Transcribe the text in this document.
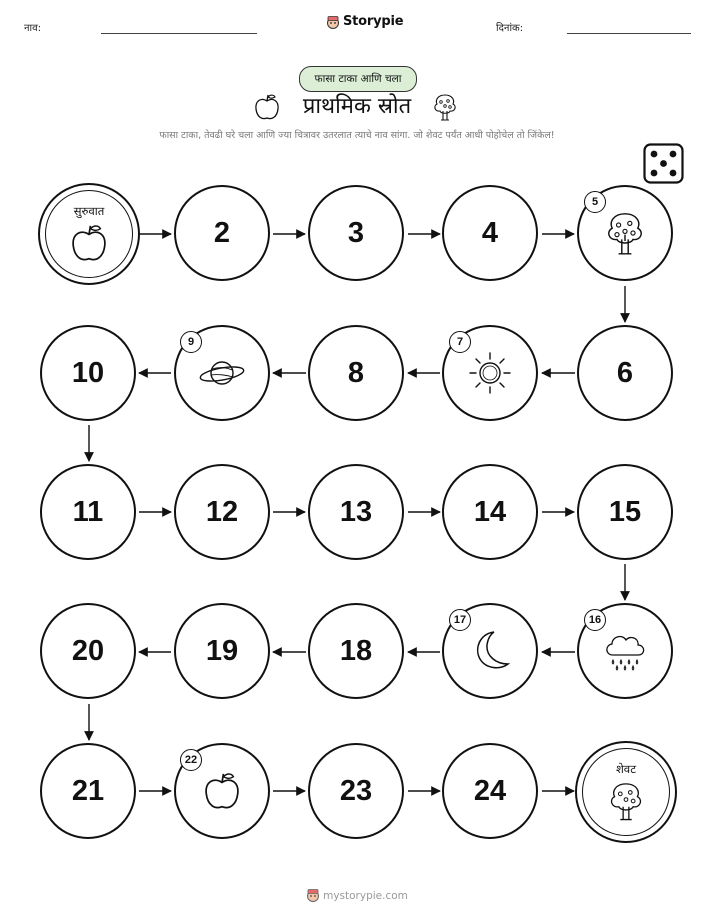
नाव:	Storypie	दिनांक:
फासा टाका आणि चला
प्राथमिक स्रोत
फासा टाका, तेवढी घरे चला आणि ज्या चित्रावर उतरलात त्याचे नाव सांगा. जो शेवट पर्यंत आधी पोहोचेल तो जिंकेल!
सुरुवात
2	3	4
5
6
7
8
9
10
11	12	13	14	15
16
17
18
19
20
21
22
23	24
शेवट
mystorypie.com
